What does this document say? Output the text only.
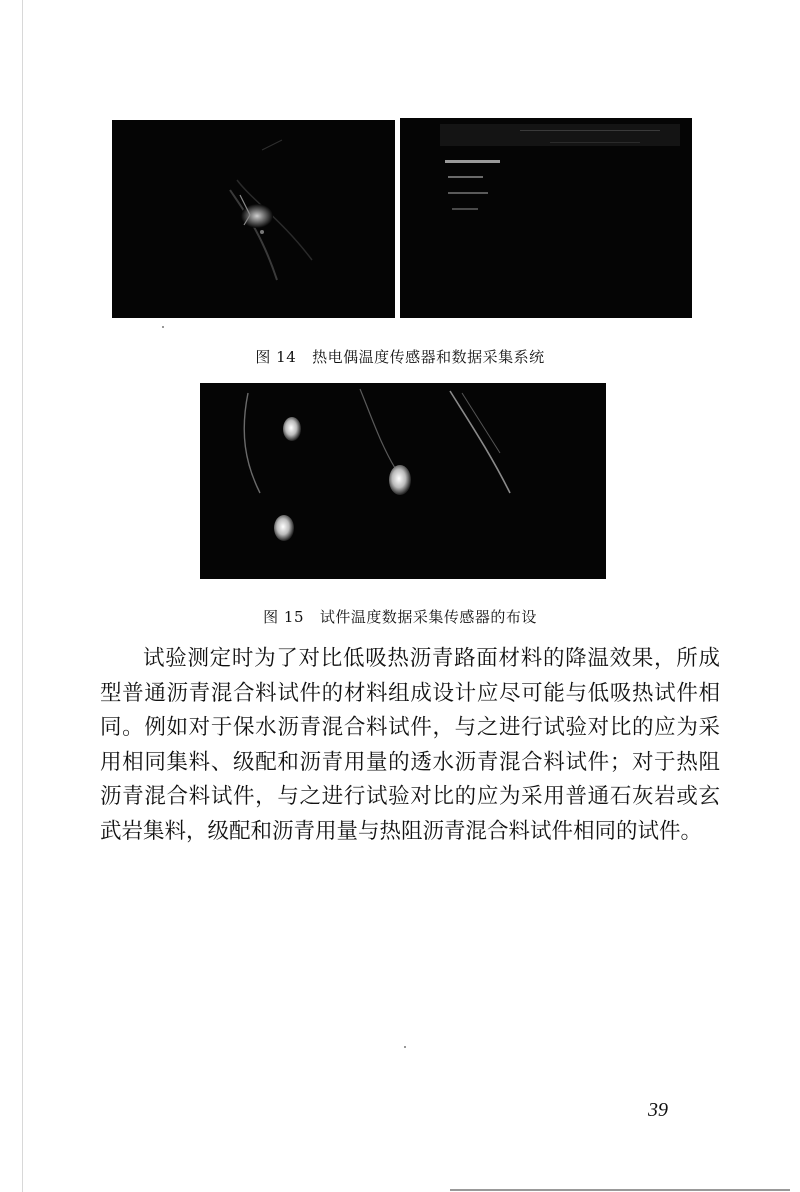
图 14   热电偶温度传感器和数据采集系统
图 15   试件温度数据采集传感器的布设
试验测定时为了对比低吸热沥青路面材料的降温效果，所成
型普通沥青混合料试件的材料组成设计应尽可能与低吸热试件相
同。例如对于保水沥青混合料试件，与之进行试验对比的应为采
用相同集料、级配和沥青用量的透水沥青混合料试件；对于热阻
沥青混合料试件，与之进行试验对比的应为采用普通石灰岩或玄
武岩集料，级配和沥青用量与热阻沥青混合料试件相同的试件。
39
